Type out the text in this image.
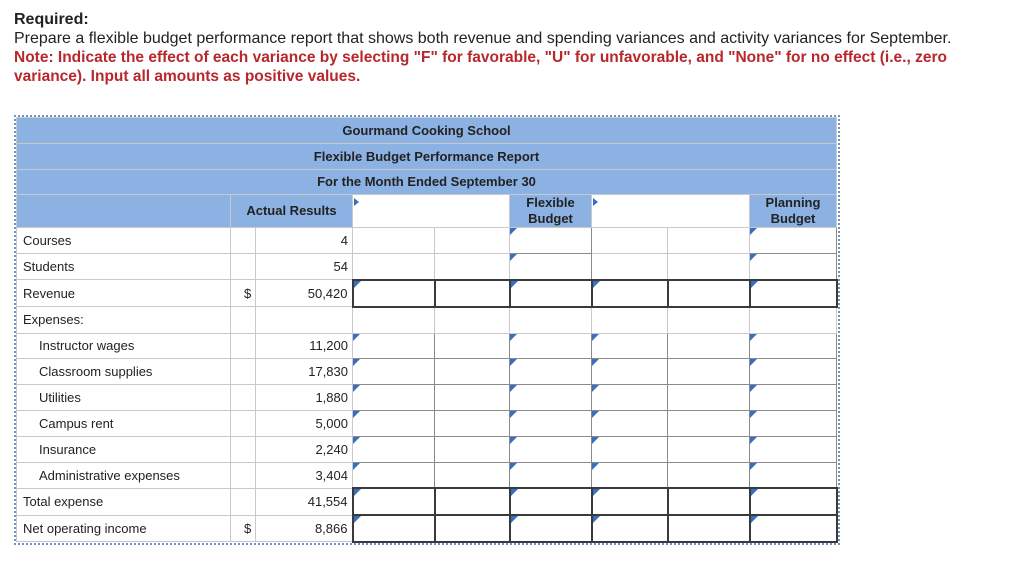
Required:
Prepare a flexible budget performance report that shows both revenue and spending variances and activity variances for September.
Note: Indicate the effect of each variance by selecting "F" for favorable, "U" for unfavorable, and "None" for no effect (i.e., zero variance). Input all amounts as positive values.
Gourmand Cooking School								
Flexible Budget Performance Report								
For the Month Ended September 30								
	Actual Results				Flexible Budget			Planning Budget
Courses		4						
Students		54						
Revenue	$	50,420						
Expenses:								
Instructor wages		11,200						
Classroom supplies		17,830						
Utilities		1,880						
Campus rent		5,000						
Insurance		2,240						
Administrative expenses		3,404						
Total expense		41,554						
Net operating income	$	8,866						
